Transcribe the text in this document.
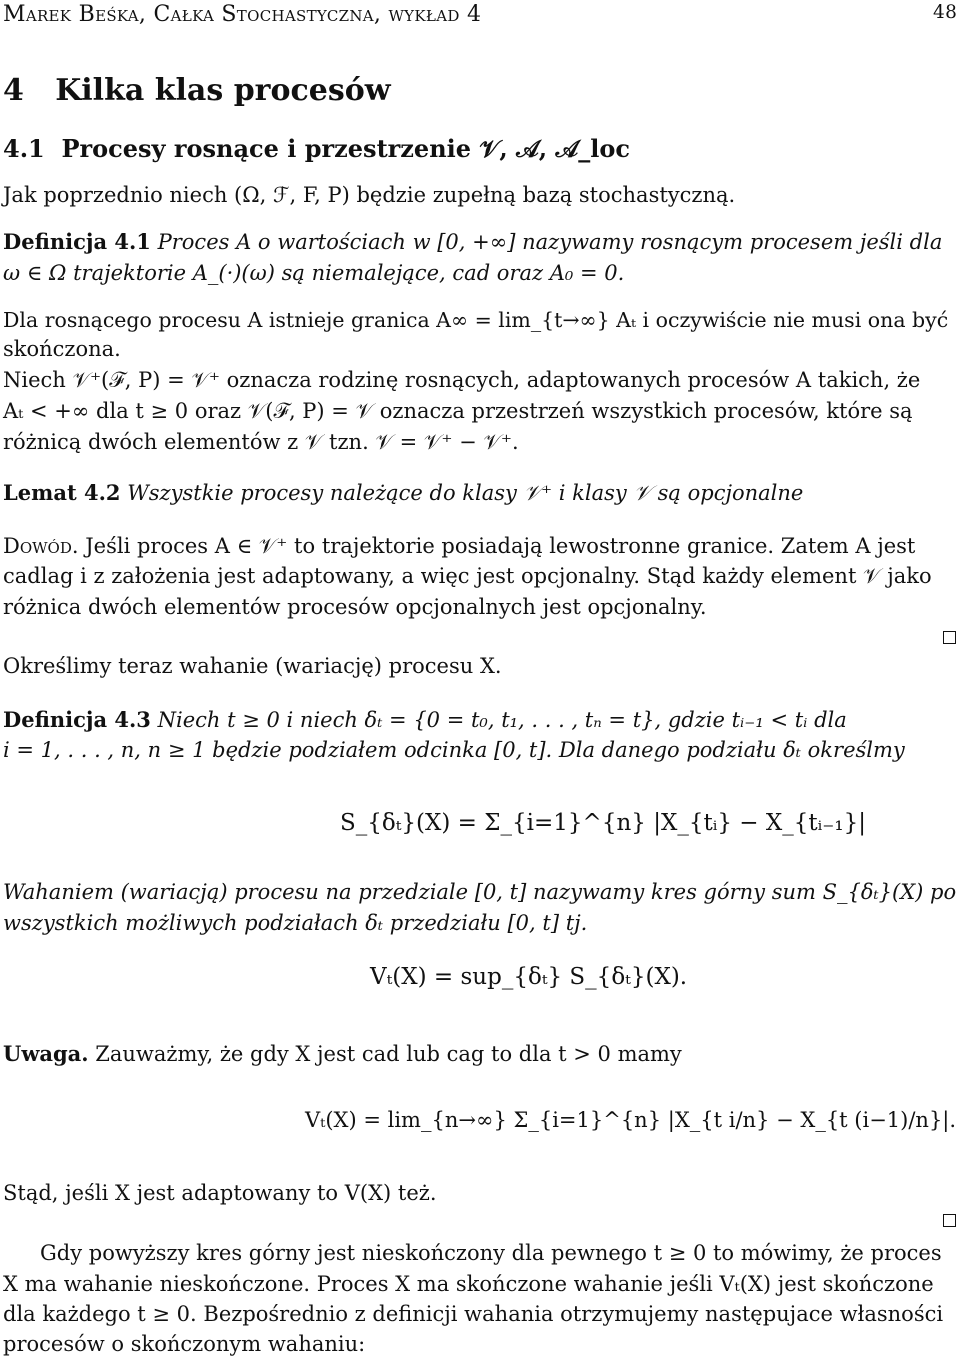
Marek Beśka, Całka Stochastyczna, wykład 4	48
4   Kilka klas procesów
4.1  Procesy rosnące i przestrzenie 𝒱, 𝒜, 𝒜_loc
Jak poprzednio niech (Ω, ℱ, F, P) będzie zupełną bazą stochastyczną.
Definicja 4.1 Proces A o wartościach w [0, +∞] nazywamy rosnącym procesem jeśli dla
ω ∈ Ω trajektorie A_(·)(ω) są niemalejące, cad oraz A₀ = 0.
Dla rosnącego procesu A istnieje granica A∞ = lim_{t→∞} Aₜ i oczywiście nie musi ona być
skończona.
Niech 𝒱⁺(ℱ, P) = 𝒱⁺ oznacza rodzinę rosnących, adaptowanych procesów A takich, że
Aₜ < +∞ dla t ≥ 0 oraz 𝒱(ℱ, P) = 𝒱 oznacza przestrzeń wszystkich procesów, które są
różnicą dwóch elementów z 𝒱 tzn. 𝒱 = 𝒱⁺ − 𝒱⁺.
Lemat 4.2 Wszystkie procesy należące do klasy 𝒱⁺ i klasy 𝒱 są opcjonalne
Dowód. Jeśli proces A ∈ 𝒱⁺ to trajektorie posiadają lewostronne granice. Zatem A jest
cadlag i z założenia jest adaptowany, a więc jest opcjonalny. Stąd każdy element 𝒱 jako
różnica dwóch elementów procesów opcjonalnych jest opcjonalny.
Określimy teraz wahanie (wariację) procesu X.
Definicja 4.3 Niech t ≥ 0 i niech δₜ = {0 = t₀, t₁, . . . , tₙ = t}, gdzie tᵢ₋₁ < tᵢ dla
i = 1, . . . , n, n ≥ 1 będzie podziałem odcinka [0, t]. Dla danego podziału δₜ określmy
S_{δₜ}(X) = Σ_{i=1}^{n} |X_{tᵢ} − X_{tᵢ₋₁}|
Wahaniem (wariacją) procesu na przedziale [0, t] nazywamy kres górny sum S_{δₜ}(X) po
wszystkich możliwych podziałach δₜ przedziału [0, t] tj.
Vₜ(X) = sup_{δₜ} S_{δₜ}(X).
Uwaga. Zauważmy, że gdy X jest cad lub cag to dla t > 0 mamy
Vₜ(X) = lim_{n→∞} Σ_{i=1}^{n} |X_{t i/n} − X_{t (i−1)/n}|.
Stąd, jeśli X jest adaptowany to V(X) też.
Gdy powyższy kres górny jest nieskończony dla pewnego t ≥ 0 to mówimy, że proces
X ma wahanie nieskończone. Proces X ma skończone wahanie jeśli Vₜ(X) jest skończone
dla każdego t ≥ 0. Bezpośrednio z definicji wahania otrzymujemy następujace własności
procesów o skończonym wahaniu:
